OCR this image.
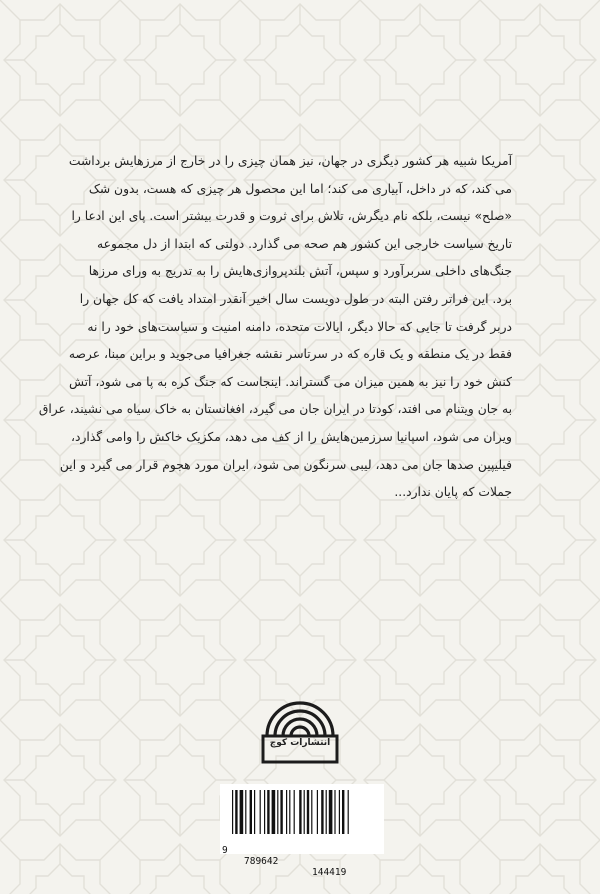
آمریکا شبیه هر کشور دیگری در جهان، نیز همان چیزی را در خارج از مرزهایش برداشت
می کند، که در داخل، آبیاری می کند؛ اما این محصول هر چیزی که هست، بدون شک
«صلح» نیست، بلکه نام دیگرش، تلاش برای ثروت و قدرت بیشتر است. پای این ادعا را
تاریخ سیاست خارجی این کشور هم صحه می گذارد. دولتی که ابتدا از دل مجموعه
جنگ‌های داخلی سربرآورد و سپس، آتش بلندپروازی‌هایش را به تدریج به ورای مرزها
برد. این فراتر رفتن البته در طول دویست سال اخیر آنقدر امتداد یافت که کل جهان را
دربر گرفت تا جایی که حالا دیگر، ایالات متحده، دامنه امنیت و سیاست‌های خود را نه
فقط در یک منطقه و یک قاره که در سرتاسر نقشه جغرافیا می‌جوید و براین مبنا، عرصه
کنش خود را نیز به همین میزان می گستراند. اینجاست که جنگ کره به پا می شود، آتش
به جان ویتنام می افتد، کودتا در ایران جان می گیرد، افغانستان به خاک سیاه می نشیند، عراق
ویران می شود، اسپانیا سرزمین‌هایش را از کف می دهد، مکزیک خاکش را وامی گذارد،
فیلیپین صدها جان می دهد، لیبی سرنگون می شود، ایران مورد هجوم قرار می گیرد و این
جملات که پایان ندارد...
انتشارات کوچ

9

789642

144419
